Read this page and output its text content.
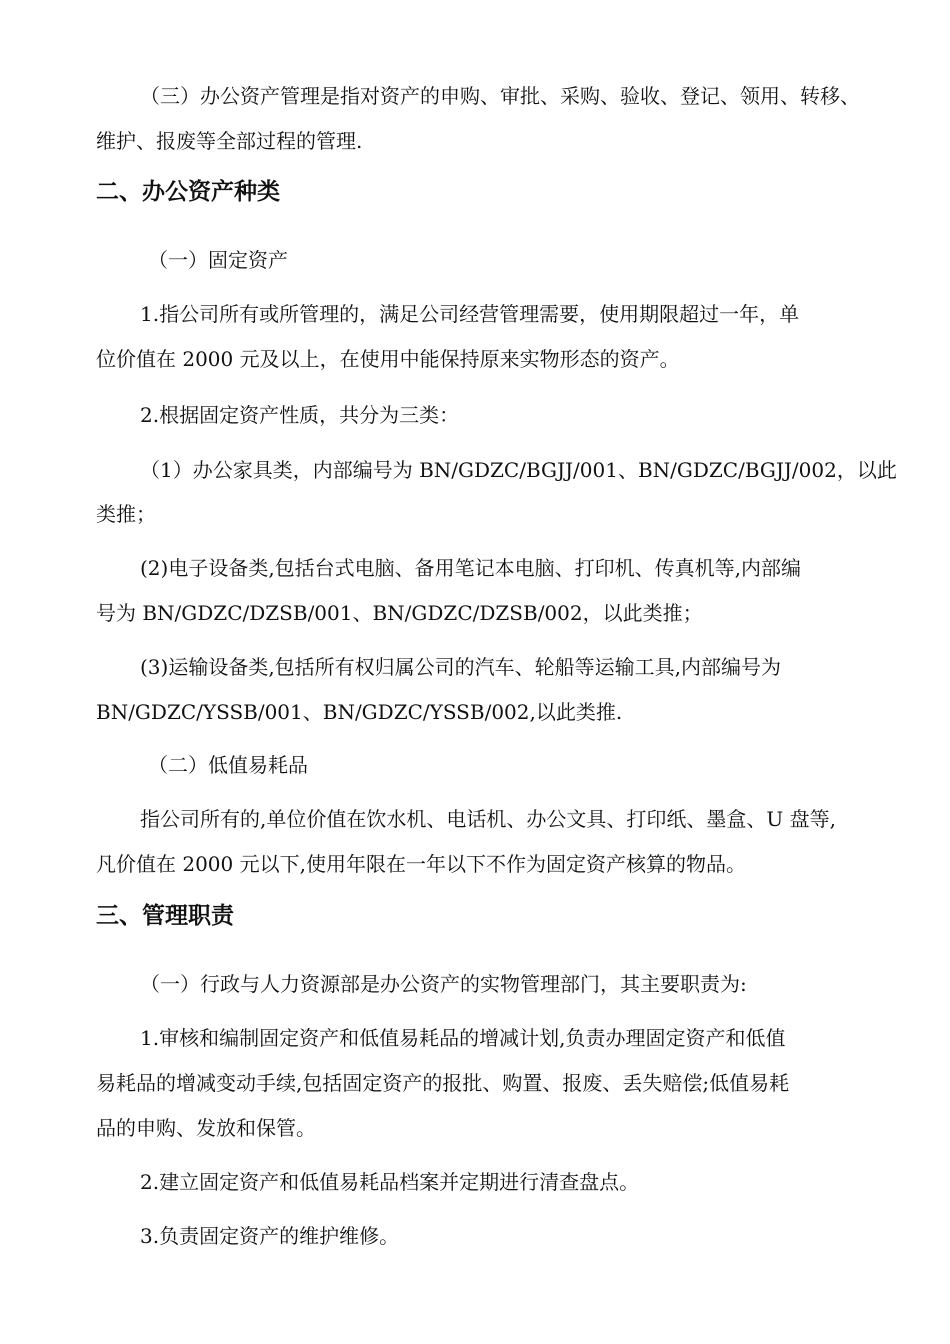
（三）办公资产管理是指对资产的申购、审批、采购、验收、登记、领用、转移、
维护、报废等全部过程的管理.
二、办公资产种类
（一）固定资产
1.指公司所有或所管理的，满足公司经营管理需要，使用期限超过一年，单
位价值在 2000 元及以上，在使用中能保持原来实物形态的资产。
2.根据固定资产性质，共分为三类：
（1）办公家具类，内部编号为 BN/GDZC/BGJJ/001、BN/GDZC/BGJJ/002，以此
类推；
(2)电子设备类,包括台式电脑、备用笔记本电脑、打印机、传真机等,内部编
号为 BN/GDZC/DZSB/001、BN/GDZC/DZSB/002，以此类推；
(3)运输设备类,包括所有权归属公司的汽车、轮船等运输工具,内部编号为
BN/GDZC/YSSB/001、BN/GDZC/YSSB/002,以此类推.
（二）低值易耗品
指公司所有的,单位价值在饮水机、电话机、办公文具、打印纸、墨盒、U 盘等,
凡价值在 2000 元以下,使用年限在一年以下不作为固定资产核算的物品。
三、管理职责
（一）行政与人力资源部是办公资产的实物管理部门，其主要职责为:
1.审核和编制固定资产和低值易耗品的增减计划,负责办理固定资产和低值
易耗品的增减变动手续,包括固定资产的报批、购置、报废、丢失赔偿;低值易耗
品的申购、发放和保管。
2.建立固定资产和低值易耗品档案并定期进行清查盘点。
3.负责固定资产的维护维修。
